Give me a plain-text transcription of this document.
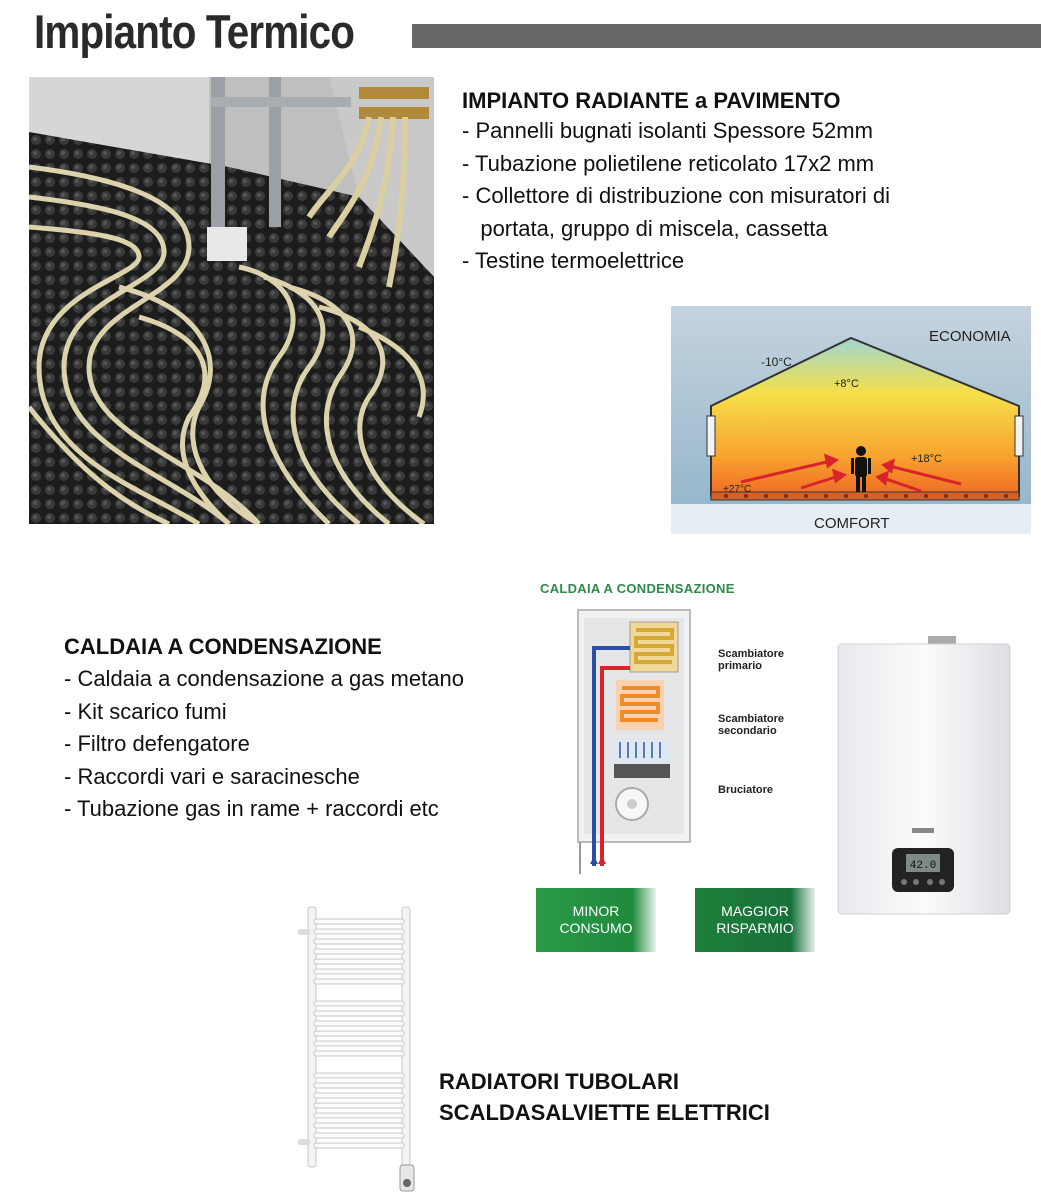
Impianto Termico
IMPIANTO RADIANTE a PAVIMENTO
- Pannelli bugnati isolanti Spessore 52mm
- Tubazione polietilene reticolato 17x2 mm
- Collettore di distribuzione con misuratori di
portata, gruppo di miscela, cassetta
- Testine termoelettrice
ECONOMIA
COMFORT
-10°C
+8°C
+18°C
+27°C
CALDAIA A CONDENSAZIONE
- Caldaia a condensazione a gas metano
- Kit scarico fumi
- Filtro defengatore
- Raccordi vari e saracinesche
- Tubazione gas in rame + raccordi etc
CALDAIA A CONDENSAZIONE
Scambiatore primario
Scambiatore secondario
Bruciatore
MINOR CONSUMO
MAGGIOR RISPARMIO
42.0
RADIATORI TUBOLARI
SCALDASALVIETTE ELETTRICI
